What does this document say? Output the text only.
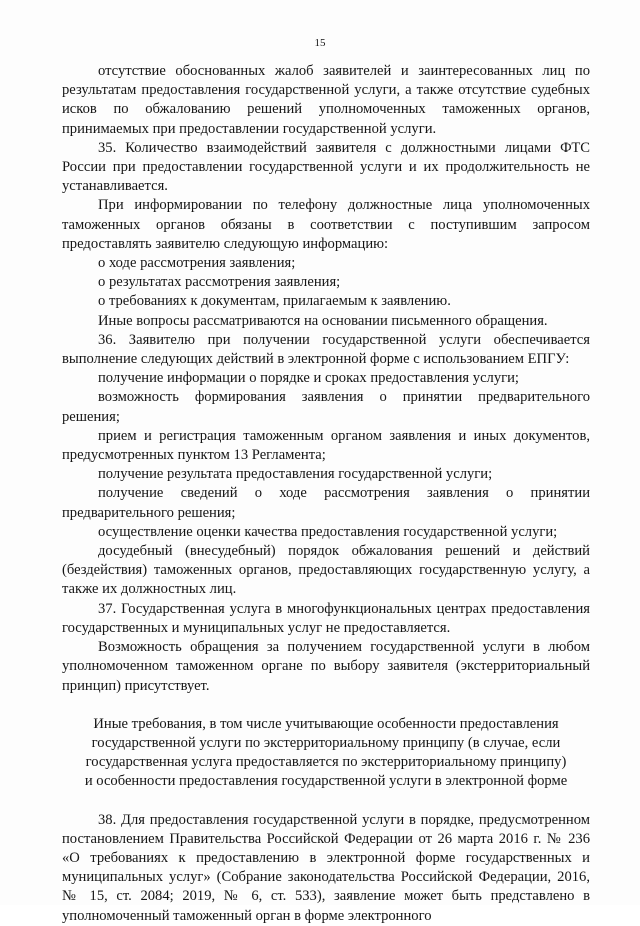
15

отсутствие обоснованных жалоб заявителей и заинтересованных лиц по результатам предоставления государственной услуги, а также отсутствие судебных исков по обжалованию решений уполномоченных таможенных органов, принимаемых при предоставлении государственной услуги.

35. Количество взаимодействий заявителя с должностными лицами ФТС России при предоставлении государственной услуги и их продолжительность не устанавливается.

При информировании по телефону должностные лица уполномоченных таможенных органов обязаны в соответствии с поступившим запросом предоставлять заявителю следующую информацию:

о ходе рассмотрения заявления;

о результатах рассмотрения заявления;

о требованиях к документам, прилагаемым к заявлению.

Иные вопросы рассматриваются на основании письменного обращения.

36. Заявителю при получении государственной услуги обеспечивается выполнение следующих действий в электронной форме с использованием ЕПГУ:

получение информации о порядке и сроках предоставления услуги;

возможность формирования заявления о принятии предварительного решения;

прием и регистрация таможенным органом заявления и иных документов, предусмотренных пунктом 13 Регламента;

получение результата предоставления государственной услуги;

получение сведений о ходе рассмотрения заявления о принятии предварительного решения;

осуществление оценки качества предоставления государственной услуги;

досудебный (внесудебный) порядок обжалования решений и действий (бездействия) таможенных органов, предоставляющих государственную услугу, а также их должностных лиц.

37. Государственная услуга в многофункциональных центрах предоставления государственных и муниципальных услуг не предоставляется.

Возможность обращения за получением государственной услуги в любом уполномоченном таможенном органе по выбору заявителя (экстерриториальный принцип) присутствует.

Иные требования, в том числе учитывающие особенности предоставления государственной услуги по экстерриториальному принципу (в случае, если государственная услуга предоставляется по экстерриториальному принципу) и особенности предоставления государственной услуги в электронной форме

38. Для предоставления государственной услуги в порядке, предусмотренном постановлением Правительства Российской Федерации от 26 марта 2016 г. № 236 «О требованиях к предоставлению в электронной форме государственных и муниципальных услуг» (Собрание законодательства Российской Федерации, 2016, № 15, ст. 2084; 2019, № 6, ст. 533), заявление может быть представлено в уполномоченный таможенный орган в форме электронного
